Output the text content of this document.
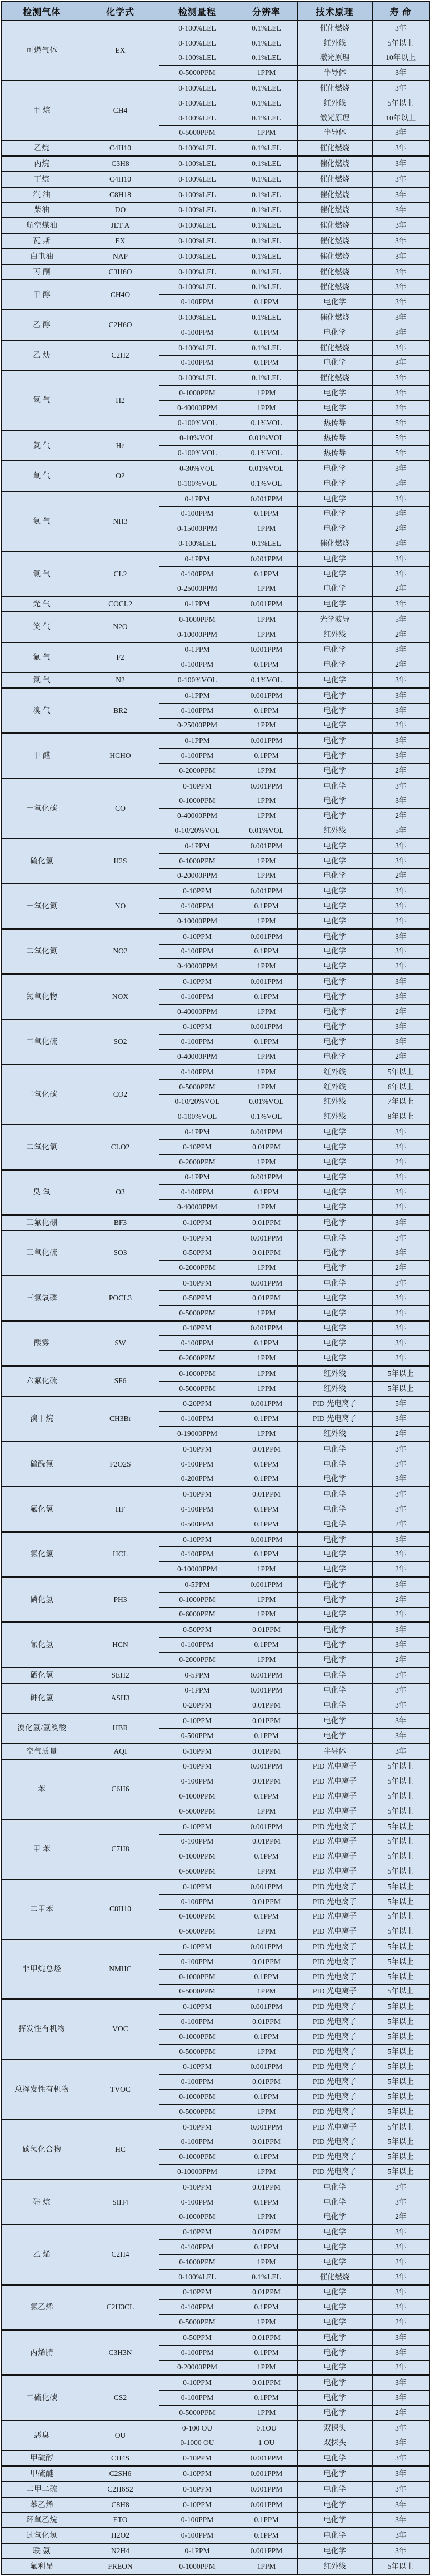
检测气体	化学式	检测量程	分辨率	技术原理	寿 命
可燃气体	EX	0-100%LEL	0.1%LEL	催化燃烧	3年
		0-100%LEL	0.1%LEL	红外线	5年以上
		0-100%LEL	0.1%LEL	激光原理	10年以上
		0-5000PPM	1PPM	半导体	3年
甲 烷	CH4	0-100%LEL	0.1%LEL	催化燃烧	3年
		0-100%LEL	0.1%LEL	红外线	5年以上
		0-100%LEL	0.1%LEL	激光原理	10年以上
		0-5000PPM	1PPM	半导体	3年
乙烷	C4H10	0-100%LEL	0.1%LEL	催化燃烧	3年
丙烷	C3H8	0-100%LEL	0.1%LEL	催化燃烧	3年
丁烷	C4H10	0-100%LEL	0.1%LEL	催化燃烧	3年
汽 油	C8H18	0-100%LEL	0.1%LEL	催化燃烧	3年
柴油	DO	0-100%LEL	0.1%LEL	催化燃烧	3年
航空煤油	JET A	0-100%LEL	0.1%LEL	催化燃烧	3年
瓦 斯	EX	0-100%LEL	0.1%LEL	催化燃烧	3年
白电油	NAP	0-100%LEL	0.1%LEL	催化燃烧	3年
丙 酮	C3H6O	0-100%LEL	0.1%LEL	催化燃烧	3年
甲 醇	CH4O	0-100%LEL	0.1%LEL	催化燃烧	3年
		0-100PPM	0.1PPM	电化学	3年
乙 醇	C2H6O	0-100%LEL	0.1%LEL	催化燃烧	3年
		0-100PPM	0.1PPM	电化学	3年
乙 炔	C2H2	0-100%LEL	0.1%LEL	催化燃烧	3年
		0-100PPM	0.1PPM	电化学	3年
氢 气	H2	0-100%LEL	0.1%LEL	催化燃烧	3年
		0-1000PPM	1PPM	电化学	3年
		0-40000PPM	1PPM	电化学	2年
		0-100%VOL	0.1%VOL	热传导	5年
氦 气	He	0-10%VOL	0.01%VOL	热传导	5年
		0-100%VOL	0.1%VOL	热传导	5年
氧 气	O2	0-30%VOL	0.01%VOL	电化学	3年
		0-100%VOL	0.1%VOL	电化学	5年
氨 气	NH3	0-1PPM	0.001PPM	电化学	3年
		0-100PPM	0.1PPM	电化学	3年
		0-15000PPM	1PPM	电化学	2年
		0-100%LEL	0.1%LEL	催化燃烧	3年
氯 气	CL2	0-1PPM	0.001PPM	电化学	3年
		0-100PPM	0.1PPM	电化学	3年
		0-25000PPM	1PPM	电化学	2年
光 气	COCL2	0-1PPM	0.001PPM	电化学	3年
笑 气	N2O	0-1000PPM	1PPM	光学波导	5年
		0-10000PPM	1PPM	红外线	2年
氟 气	F2	0-1PPM	0.001PPM	电化学	3年
		0-100PPM	0.1PPM	电化学	2年
氮 气	N2	0-100%VOL	0.1%VOL	电化学	3年
溴 气	BR2	0-1PPM	0.001PPM	电化学	3年
		0-100PPM	0.1PPM	电化学	3年
		0-25000PPM	1PPM	电化学	2年
甲 醛	HCHO	0-1PPM	0.001PPM	电化学	3年
		0-100PPM	0.1PPM	电化学	3年
		0-2000PPM	1PPM	电化学	2年
一氧化碳	CO	0-10PPM	0.001PPM	电化学	3年
		0-1000PPM	1PPM	电化学	3年
		0-40000PPM	1PPM	电化学	2年
		0-10/20%VOL	0.01%VOL	红外线	5年
硫化氢	H2S	0-1PPM	0.001PPM	电化学	3年
		0-1000PPM	1PPM	电化学	3年
		0-20000PPM	1PPM	电化学	2年
一氧化氮	NO	0-10PPM	0.001PPM	电化学	3年
		0-100PPM	0.1PPM	电化学	3年
		0-10000PPM	1PPM	电化学	2年
二氧化氮	NO2	0-10PPM	0.001PPM	电化学	3年
		0-100PPM	0.1PPM	电化学	3年
		0-40000PPM	1PPM	电化学	2年
氮氧化物	NOX	0-10PPM	0.001PPM	电化学	3年
		0-100PPM	0.1PPM	电化学	3年
		0-40000PPM	1PPM	电化学	2年
二氧化硫	SO2	0-10PPM	0.001PPM	电化学	3年
		0-100PPM	0.1PPM	电化学	3年
		0-40000PPM	1PPM	电化学	2年
二氧化碳	CO2	0-100PPM	1PPM	红外线	5年以上
		0-5000PPM	1PPM	红外线	6年以上
		0-10/20%VOL	0.01%VOL	红外线	7年以上
		0-100%VOL	0.1%VOL	红外线	8年以上
二氧化氯	CLO2	0-1PPM	0.001PPM	电化学	3年
		0-10PPM	0.01PPM	电化学	3年
		0-2000PPM	1PPM	电化学	2年
臭 氧	O3	0-1PPM	0.001PPM	电化学	3年
		0-100PPM	0.1PPM	电化学	3年
		0-40000PPM	1PPM	电化学	2年
三氟化硼	BF3	0-10PPM	0.01PPM	电化学	3年
三氧化硫	SO3	0-10PPM	0.001PPM	电化学	3年
		0-50PPM	0.01PPM	电化学	3年
		0-2000PPM	1PPM	电化学	2年
三氯氧磷	POCL3	0-10PPM	0.001PPM	电化学	3年
		0-50PPM	0.01PPM	电化学	3年
		0-5000PPM	1PPM	电化学	2年
酸雾	SW	0-10PPM	0.001PPM	电化学	3年
		0-100PPM	0.1PPM	电化学	3年
		0-2000PPM	1PPM	电化学	2年
六氟化硫	SF6	0-1000PPM	1PPM	红外线	5年以上
		0-5000PPM	1PPM	红外线	5年以上
溴甲烷	CH3Br	0-20PPM	0.001PPM	PID 光电离子	5年
		0-100PPM	0.1PPM	PID 光电离子	3年
		0-19000PPM	1PPM	红外线	2年
硫酰氟	F2O2S	0-10PPM	0.01PPM	电化学	3年
		0-100PPM	0.1PPM	电化学	3年
		0-200PPM	0.1PPM	电化学	3年
氟化氢	HF	0-10PPM	0.01PPM	电化学	3年
		0-100PPM	0.1PPM	电化学	3年
		0-500PPM	0.1PPM	电化学	2年
氯化氢	HCL	0-10PPM	0.001PPM	电化学	3年
		0-100PPM	0.1PPM	电化学	3年
		0-10000PPM	1PPM	电化学	2年
磷化氢	PH3	0-5PPM	0.001PPM	电化学	3年
		0-1000PPM	1PPM	电化学	2年
		0-6000PPM	1PPM	电化学	2年
氰化氢	HCN	0-50PPM	0.01PPM	电化学	3年
		0-100PPM	0.1PPM	电化学	3年
		0-2000PPM	1PPM	电化学	2年
硒化氢	SEH2	0-5PPM	0.001PPM	电化学	3年
砷化氢	ASH3	0-1PPM	0.001PPM	电化学	3年
		0-20PPM	0.01PPM	电化学	3年
溴化氢/氢溴酸	HBR	0-10PPM	0.01PPM	电化学	3年
		0-500PPM	0.1PPM	电化学	3年
空气质量	AQI	0-10PPM	0.01PPM	半导体	3年
苯	C6H6	0-10PPM	0.001PPM	PID 光电离子	5年以上
		0-100PPM	0.01PPM	PID 光电离子	5年以上
		0-1000PPM	0.1PPM	PID 光电离子	5年以上
		0-5000PPM	1PPM	PID 光电离子	5年以上
甲 苯	C7H8	0-10PPM	0.001PPM	PID 光电离子	5年以上
		0-100PPM	0.01PPM	PID 光电离子	5年以上
		0-1000PPM	0.1PPM	PID 光电离子	5年以上
		0-5000PPM	1PPM	PID 光电离子	5年以上
二甲苯	C8H10	0-10PPM	0.001PPM	PID 光电离子	5年以上
		0-100PPM	0.01PPM	PID 光电离子	5年以上
		0-1000PPM	0.1PPM	PID 光电离子	5年以上
		0-5000PPM	1PPM	PID 光电离子	5年以上
非甲烷总烃	NMHC	0-10PPM	0.001PPM	PID 光电离子	5年以上
		0-100PPM	0.01PPM	PID 光电离子	5年以上
		0-1000PPM	0.1PPM	PID 光电离子	5年以上
		0-5000PPM	1PPM	PID 光电离子	5年以上
挥发性有机物	VOC	0-10PPM	0.001PPM	PID 光电离子	5年以上
		0-100PPM	0.01PPM	PID 光电离子	5年以上
		0-1000PPM	0.1PPM	PID 光电离子	5年以上
		0-5000PPM	1PPM	PID 光电离子	5年以上
总挥发性有机物	TVOC	0-10PPM	0.001PPM	PID 光电离子	5年以上
		0-100PPM	0.01PPM	PID 光电离子	5年以上
		0-1000PPM	0.1PPM	PID 光电离子	5年以上
		0-5000PPM	1PPM	PID 光电离子	5年以上
碳氢化合物	HC	0-10PPM	0.001PPM	PID 光电离子	5年以上
		0-100PPM	0.01PPM	PID 光电离子	5年以上
		0-1000PPM	0.1PPM	PID 光电离子	5年以上
		0-10000PPM	1PPM	PID 光电离子	5年以上
硅 烷	SIH4	0-10PPM	0.01PPM	电化学	3年
		0-100PPM	0.1PPM	电化学	3年
		0-1000PPM	1PPM	电化学	2年
乙 烯	C2H4	0-10PPM	0.01PPM	电化学	3年
		0-100PPM	0.1PPM	电化学	3年
		0-1000PPM	1PPM	电化学	2年
		0-100%LEL	0.1%LEL	催化燃烧	3年
氯乙烯	C2H3CL	0-10PPM	0.01PPM	电化学	3年
		0-100PPM	0.1PPM	电化学	3年
		0-5000PPM	1PPM	电化学	2年
丙烯腈	C3H3N	0-50PPM	0.01PPM	电化学	3年
		0-100PPM	0.1PPM	电化学	3年
		0-20000PPM	1PPM	电化学	2年
二硫化碳	CS2	0-10PPM	0.01PPM	电化学	3年
		0-100PPM	0.1PPM	电化学	3年
		0-5000PPM	1PPM	电化学	2年
恶臭	OU	0-100 OU	0.1OU	双探头	3年
		0-1000 OU	1 OU	双探头	3年
甲硫醇	CH4S	0-10PPM	0.001PPM	电化学	3年
甲硫醚	C2SH6	0-10PPM	0.001PPM	电化学	3年
二甲二硫	C2H6S2	0-10PPM	0.001PPM	电化学	3年
苯乙烯	C8H8	0-10PPM	0.001PPM	电化学	3年
环氧乙烷	ETO	0-100PPM	0.1PPM	电化学	3年
过氧化氢	H2O2	0-100PPM	0.1PPM	电化学	3年
联 氨	N2H4	0-1PPM	0.001PPM	电化学	3年
氟利昂	FREON	0-1000PPM	1PPM	红外线	5年以上
